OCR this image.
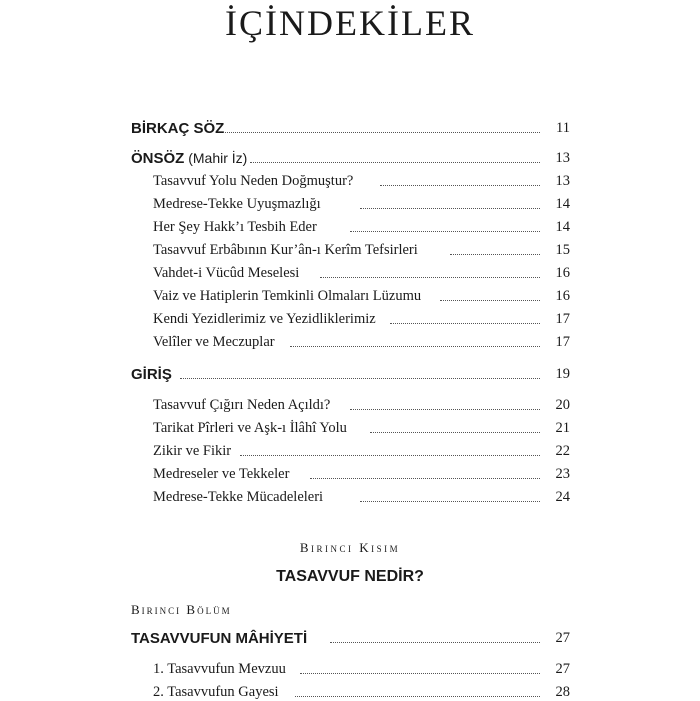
İÇİNDEKİLER
BİRKAÇ SÖZ	11
ÖNSÖZ (Mahir İz)	13
Tasavvuf Yolu Neden Doğmuştur?	13
Medrese-Tekke Uyuşmazlığı	14
Her Şey Hakk’ı Tesbih Eder	14
Tasavvuf Erbâbının Kur’ân-ı Kerîm Tefsirleri	15
Vahdet-i Vücûd Meselesi	16
Vaiz ve Hatiplerin Temkinli Olmaları Lüzumu	16
Kendi Yezidlerimiz ve Yezidliklerimiz	17
Velîler ve Meczuplar	17
GİRİŞ	19
Tasavvuf Çığırı Neden Açıldı?	20
Tarikat Pîrleri ve Aşk-ı İlâhî Yolu	21
Zikir ve Fikir	22
Medreseler ve Tekkeler	23
Medrese-Tekke Mücadeleleri	24
Birinci Kısım
TASAVVUF NEDİR?
Birinci Bölüm
TASAVVUFUN MÂHİYETİ	27
1. Tasavvufun Mevzuu	27
2. Tasavvufun Gayesi	28
